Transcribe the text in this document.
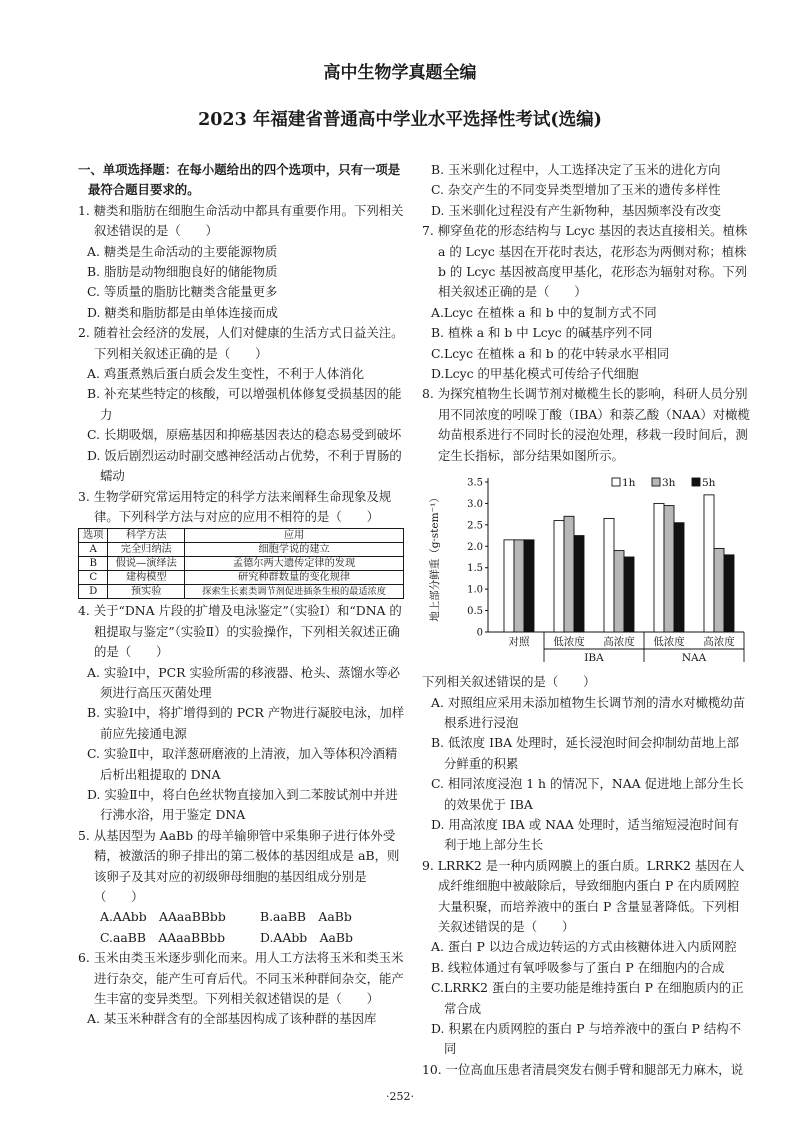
高中生物学真题全编
2023 年福建省普通高中学业水平选择性考试(选编)

一、单项选择题：在每小题给出的四个选项中，只有一项是最符合题目要求的。

1. 糖类和脂肪在细胞生命活动中都具有重要作用。下列相关叙述错误的是（　　）

A. 糖类是生命活动的主要能源物质

B. 脂肪是动物细胞良好的储能物质

C. 等质量的脂肪比糖类含能量更多

D. 糖类和脂肪都是由单体连接而成

2. 随着社会经济的发展，人们对健康的生活方式日益关注。下列相关叙述正确的是（　　）

A. 鸡蛋煮熟后蛋白质会发生变性，不利于人体消化

B. 补充某些特定的核酸，可以增强机体修复受损基因的能力

C. 长期吸烟，原癌基因和抑癌基因表达的稳态易受到破坏

D. 饭后剧烈运动时副交感神经活动占优势，不利于胃肠的蠕动

3. 生物学研究常运用特定的科学方法来阐释生命现象及规律。下列科学方法与对应的应用不相符的是（　　）

选项	科学方法	应用
A	完全归纳法	细胞学说的建立
B	假说—演绎法	孟德尔两大遗传定律的发现
C	建构模型	研究种群数量的变化规律
D	预实验	探索生长素类调节剂促进插条生根的最适浓度

4. 关于“DNA 片段的扩增及电泳鉴定”（实验Ⅰ）和“DNA 的粗提取与鉴定”（实验Ⅱ）的实验操作，下列相关叙述正确的是（　　）

A. 实验Ⅰ中，PCR 实验所需的移液器、枪头、蒸馏水等必须进行高压灭菌处理

B. 实验Ⅰ中，将扩增得到的 PCR 产物进行凝胶电泳，加样前应先接通电源

C. 实验Ⅱ中，取洋葱研磨液的上清液，加入等体积冷酒精后析出粗提取的 DNA

D. 实验Ⅱ中，将白色丝状物直接加入到二苯胺试剂中并进行沸水浴，用于鉴定 DNA

5. 从基因型为 AaBb 的母羊输卵管中采集卵子进行体外受精，被激活的卵子排出的第二极体的基因组成是 aB，则该卵子及其对应的初级卵母细胞的基因组成分别是（　　）

A.AAbb　AAaaBBbb	B.aaBB　AaBb
C.aaBB　AAaaBBbb	D.AAbb　AaBb

6. 玉米由类玉米逐步驯化而来。用人工方法将玉米和类玉米进行杂交，能产生可育后代。不同玉米种群间杂交，能产生丰富的变异类型。下列相关叙述错误的是（　　）

A. 某玉米种群含有的全部基因构成了该种群的基因库

B. 玉米驯化过程中，人工选择决定了玉米的进化方向

C. 杂交产生的不同变异类型增加了玉米的遗传多样性

D. 玉米驯化过程没有产生新物种，基因频率没有改变

7. 柳穿鱼花的形态结构与 Lcyc 基因的表达直接相关。植株 a 的 Lcyc 基因在开花时表达，花形态为两侧对称；植株 b 的 Lcyc 基因被高度甲基化，花形态为辐射对称。下列相关叙述正确的是（　　）

A.Lcyc 在植株 a 和 b 中的复制方式不同

B. 植株 a 和 b 中 Lcyc 的碱基序列不同

C.Lcyc 在植株 a 和 b 的花中转录水平相同

D.Lcyc 的甲基化模式可传给子代细胞

8. 为探究植物生长调节剂对橄榄生长的影响，科研人员分别用不同浓度的吲哚丁酸（IBA）和萘乙酸（NAA）对橄榄幼苗根系进行不同时长的浸泡处理，移栽一段时间后，测定生长指标，部分结果如图所示。

地上部分鲜重（g·stem⁻¹）
0
0.5
1.0
1.5
2.0
2.5
3.0
3.5
对照 低浓度 高浓度 低浓度 高浓度
IBA	NAA
1h	3h	5h

下列相关叙述错误的是（　　）

A. 对照组应采用未添加植物生长调节剂的清水对橄榄幼苗根系进行浸泡

B. 低浓度 IBA 处理时，延长浸泡时间会抑制幼苗地上部分鲜重的积累

C. 相同浓度浸泡 1 h 的情况下，NAA 促进地上部分生长的效果优于 IBA

D. 用高浓度 IBA 或 NAA 处理时，适当缩短浸泡时间有利于地上部分生长

9. LRRK2 是一种内质网膜上的蛋白质。LRRK2 基因在人成纤维细胞中被敲除后，导致细胞内蛋白 P 在内质网腔大量积聚，而培养液中的蛋白 P 含量显著降低。下列相关叙述错误的是（　　）

A. 蛋白 P 以边合成边转运的方式由核糖体进入内质网腔

B. 线粒体通过有氧呼吸参与了蛋白 P 在细胞内的合成

C.LRRK2 蛋白的主要功能是维持蛋白 P 在细胞质内的正常合成

D. 积累在内质网腔的蛋白 P 与培养液中的蛋白 P 结构不同

10. 一位高血压患者清晨突发右侧手臂和腿部无力麻木，说

·252·
